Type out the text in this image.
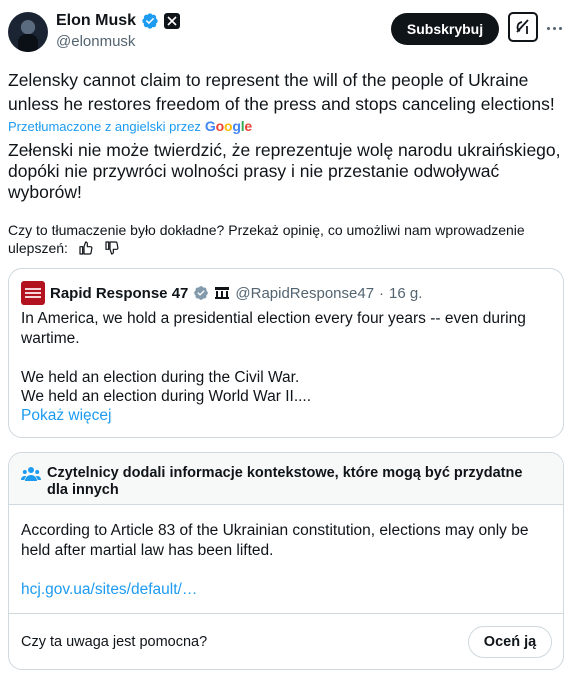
Elon Musk
@elonmusk
Subskrybuj
Zelensky cannot claim to represent the will of the people of Ukraine unless he restores freedom of the press and stops canceling elections!
Przetłumaczone z angielski przez Google
Zełenski nie może twierdzić, że reprezentuje wolę narodu ukraińskiego, dopóki nie przywróci wolności prasy i nie przestanie odwoływać wyborów!
Czy to tłumaczenie było dokładne? Przekaż opinię, co umożliwi nam wprowadzenie ulepszeń:
Rapid Response 47	@RapidResponse47 · 16 g.
In America, we hold a presidential election every four years -- even during wartime.
We held an election during the Civil War.
We held an election during World War II....
Pokaż więcej
Czytelnicy dodali informacje kontekstowe, które mogą być przydatne dla innych
According to Article 83 of the Ukrainian constitution, elections may only be held after martial law has been lifted.
hcj.gov.ua/sites/default/…
Czy ta uwaga jest pomocna?	Oceń ją
